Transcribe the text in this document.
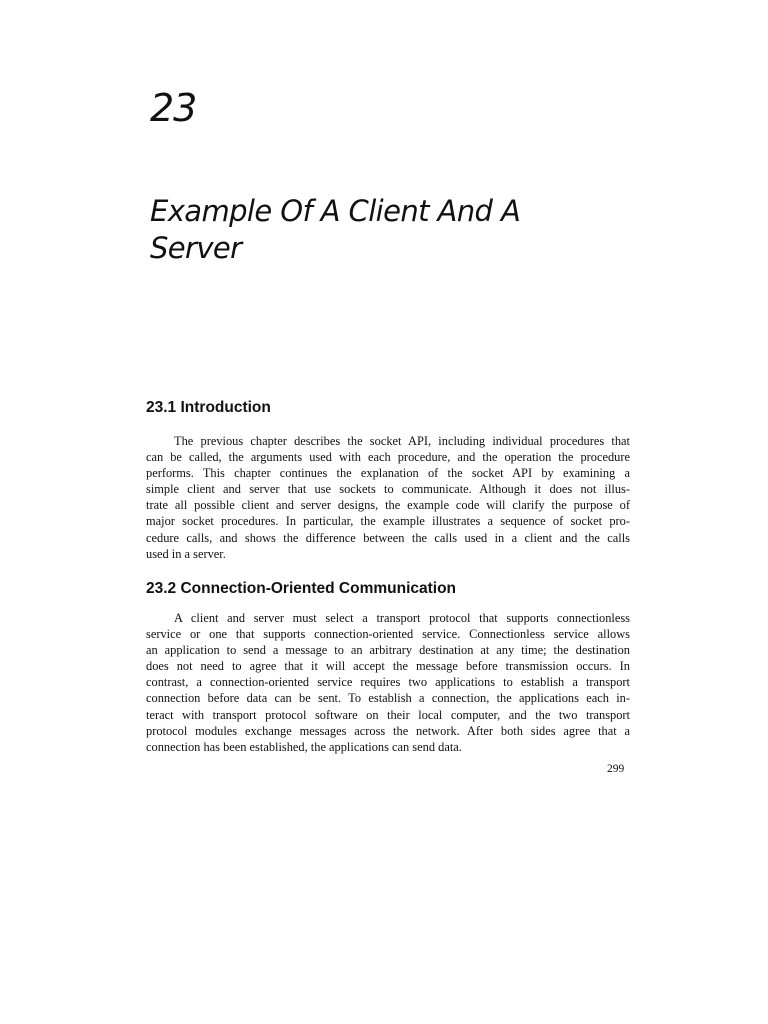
23
Example Of A Client And A Server
23.1 Introduction
The previous chapter describes the socket API, including individual procedures that
can be called, the arguments used with each procedure, and the operation the procedure
performs. This chapter continues the explanation of the socket API by examining a
simple client and server that use sockets to communicate. Although it does not illus-
trate all possible client and server designs, the example code will clarify the purpose of
major socket procedures. In particular, the example illustrates a sequence of socket pro-
cedure calls, and shows the difference between the calls used in a client and the calls
used in a server.
23.2 Connection-Oriented Communication
A client and server must select a transport protocol that supports connectionless
service or one that supports connection-oriented service. Connectionless service allows
an application to send a message to an arbitrary destination at any time; the destination
does not need to agree that it will accept the message before transmission occurs. In
contrast, a connection-oriented service requires two applications to establish a transport
connection before data can be sent. To establish a connection, the applications each in-
teract with transport protocol software on their local computer, and the two transport
protocol modules exchange messages across the network. After both sides agree that a
connection has been established, the applications can send data.
299
